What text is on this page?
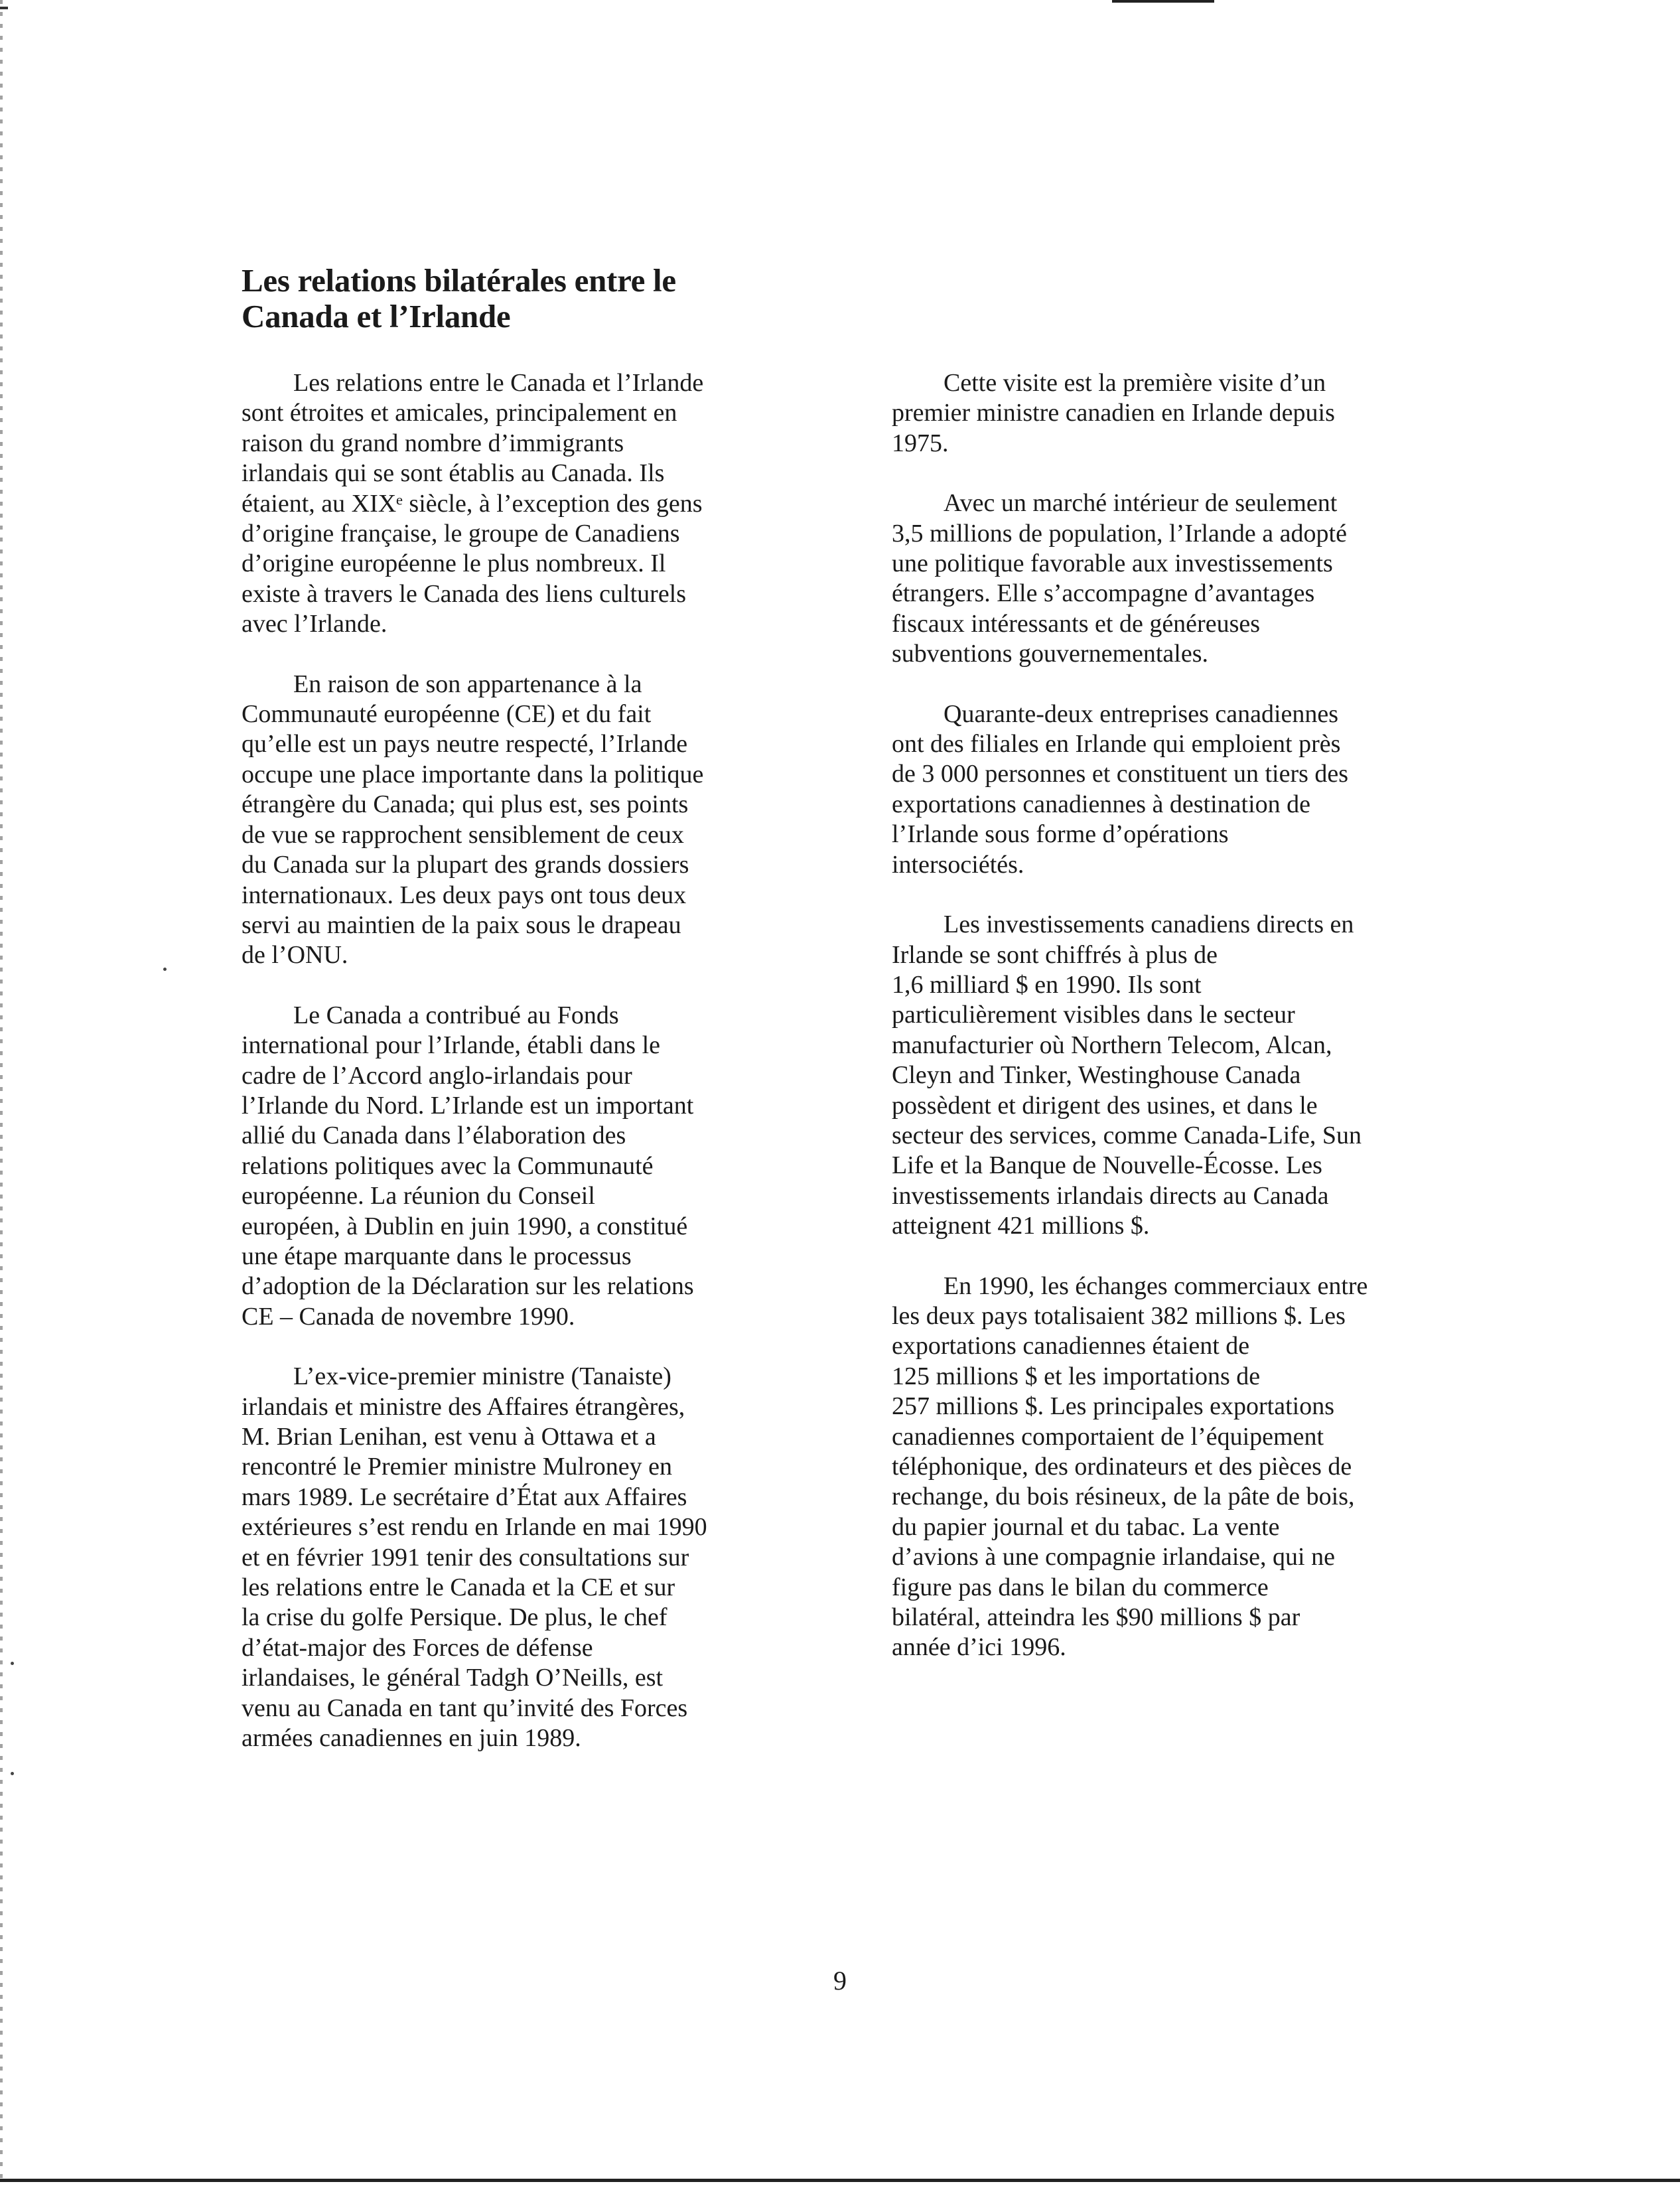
Les relations bilatérales entre le
Canada et l’Irlande

Les relations entre le Canada et l’Irlande
sont étroites et amicales, principalement en
raison du grand nombre d’immigrants
irlandais qui se sont établis au Canada. Ils
étaient, au XIXᵉ siècle, à l’exception des gens
d’origine française, le groupe de Canadiens
d’origine européenne le plus nombreux. Il
existe à travers le Canada des liens culturels
avec l’Irlande.

En raison de son appartenance à la
Communauté européenne (CE) et du fait
qu’elle est un pays neutre respecté, l’Irlande
occupe une place importante dans la politique
étrangère du Canada; qui plus est, ses points
de vue se rapprochent sensiblement de ceux
du Canada sur la plupart des grands dossiers
internationaux. Les deux pays ont tous deux
servi au maintien de la paix sous le drapeau
de l’ONU.

Le Canada a contribué au Fonds
international pour l’Irlande, établi dans le
cadre de l’Accord anglo-irlandais pour
l’Irlande du Nord. L’Irlande est un important
allié du Canada dans l’élaboration des
relations politiques avec la Communauté
européenne. La réunion du Conseil
européen, à Dublin en juin 1990, a constitué
une étape marquante dans le processus
d’adoption de la Déclaration sur les relations
CE – Canada de novembre 1990.

L’ex-vice-premier ministre (Tanaiste)
irlandais et ministre des Affaires étrangères,
M. Brian Lenihan, est venu à Ottawa et a
rencontré le Premier ministre Mulroney en
mars 1989. Le secrétaire d’État aux Affaires
extérieures s’est rendu en Irlande en mai 1990
et en février 1991 tenir des consultations sur
les relations entre le Canada et la CE et sur
la crise du golfe Persique. De plus, le chef
d’état-major des Forces de défense
irlandaises, le général Tadgh O’Neills, est
venu au Canada en tant qu’invité des Forces
armées canadiennes en juin 1989.

Cette visite est la première visite d’un
premier ministre canadien en Irlande depuis
1975.

Avec un marché intérieur de seulement
3,5 millions de population, l’Irlande a adopté
une politique favorable aux investissements
étrangers. Elle s’accompagne d’avantages
fiscaux intéressants et de généreuses
subventions gouvernementales.

Quarante-deux entreprises canadiennes
ont des filiales en Irlande qui emploient près
de 3 000 personnes et constituent un tiers des
exportations canadiennes à destination de
l’Irlande sous forme d’opérations
intersociétés.

Les investissements canadiens directs en
Irlande se sont chiffrés à plus de
1,6 milliard $ en 1990. Ils sont
particulièrement visibles dans le secteur
manufacturier où Northern Telecom, Alcan,
Cleyn and Tinker, Westinghouse Canada
possèdent et dirigent des usines, et dans le
secteur des services, comme Canada-Life, Sun
Life et la Banque de Nouvelle-Écosse. Les
investissements irlandais directs au Canada
atteignent 421 millions $.

En 1990, les échanges commerciaux entre
les deux pays totalisaient 382 millions $. Les
exportations canadiennes étaient de
125 millions $ et les importations de
257 millions $. Les principales exportations
canadiennes comportaient de l’équipement
téléphonique, des ordinateurs et des pièces de
rechange, du bois résineux, de la pâte de bois,
du papier journal et du tabac. La vente
d’avions à une compagnie irlandaise, qui ne
figure pas dans le bilan du commerce
bilatéral, atteindra les $90 millions $ par
année d’ici 1996.

9
